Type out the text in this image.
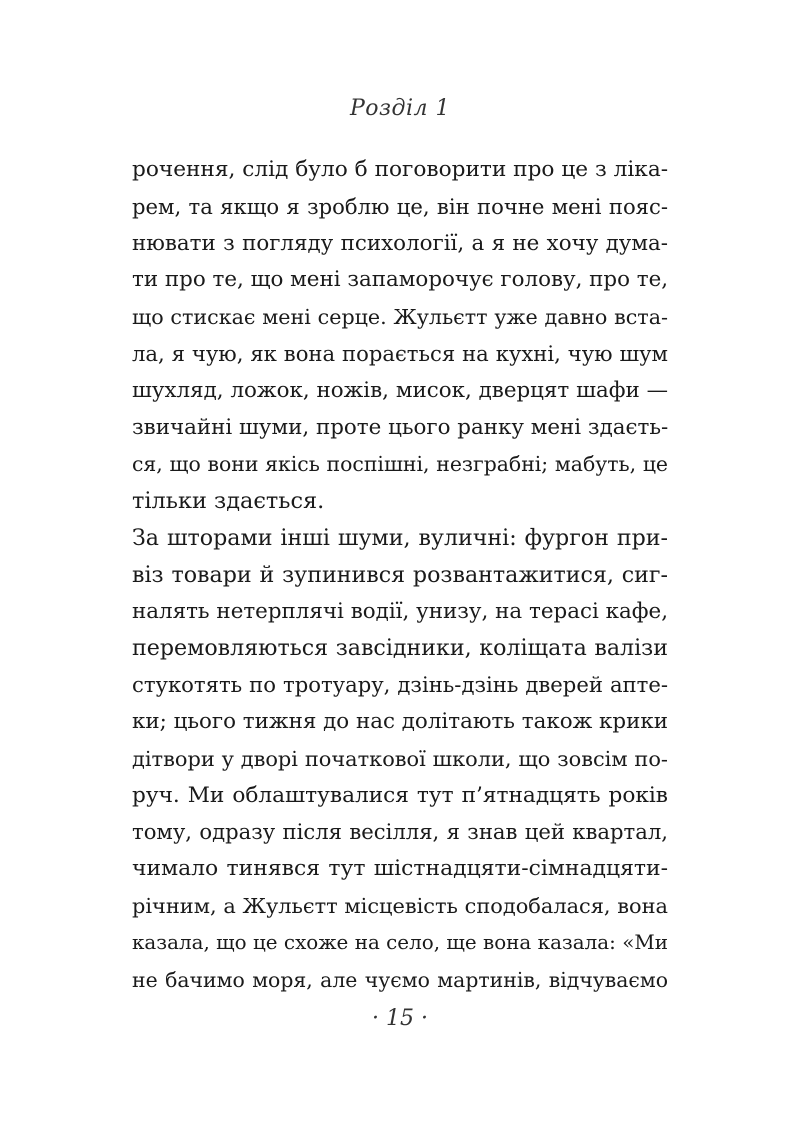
Розділ 1
рочення, слід було б поговорити про це з ліка-
рем, та якщо я зроблю це, він почне мені пояс-
нювати з погляду психології, а я не хочу дума-
ти про те, що мені запаморочує голову, про те,
що стискає мені серце. Жульєтт уже давно вста-
ла, я чую, як вона порається на кухні, чую шум
шухляд, ложок, ножів, мисок, дверцят шафи —
звичайні шуми, проте цього ранку мені здаєть-
ся, що вони якісь поспішні, незграбні; мабуть, це
тільки здається.
За шторами інші шуми, вуличні: фургон при-
віз товари й зупинився розвантажитися, сиг-
налять нетерплячі водії, унизу, на терасі кафе,
перемовляються завсідники, коліщата валізи
стукотять по тротуару, дзінь-дзінь дверей апте-
ки; цього тижня до нас долітають також крики
дітвори у дворі початкової школи, що зовсім по-
руч. Ми облаштувалися тут п’ятнадцять років
тому, одразу після весілля, я знав цей квартал,
чимало тинявся тут шістнадцяти-сімнадцяти-
річним, а Жульєтт місцевість сподобалася, вона
казала, що це схоже на село, ще вона казала: «Ми
не бачимо моря, але чуємо мартинів, відчуваємо
· 15 ·
